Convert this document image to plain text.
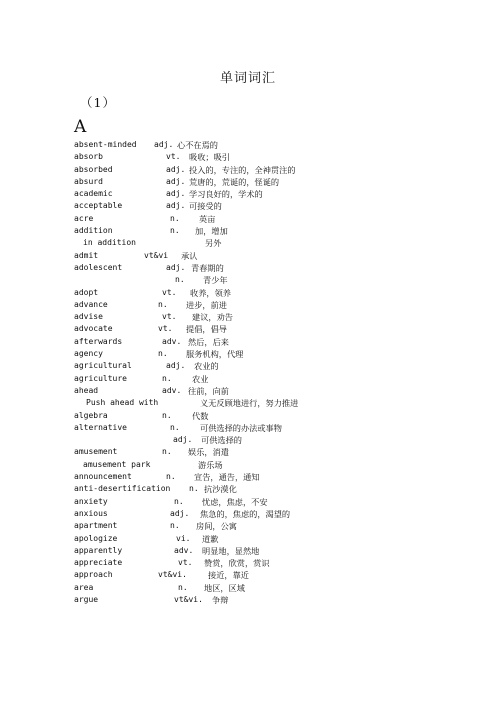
单词词汇
（1）
A
absent-minded adj. 心不在焉的
absorb	vt. 吸收；吸引
absorbed	adj. 投入的，专注的，全神贯注的
absurd	adj. 荒唐的，荒诞的，怪诞的
academic	adj. 学习良好的，学术的
acceptable	adj. 可接受的
acre	n. 英亩
addition	n. 加，增加
in addition	另外
admit	vt&vi 承认
adolescent	adj. 青春期的
n. 青少年
adopt	vt. 收养，领养
advance	n. 进步，前进
advise	vt. 建议，劝告
advocate	vt. 提倡，倡导
afterwards	adv. 然后，后来
agency	n. 服务机构，代理
agricultural	adj. 农业的
agriculture	n. 农业
ahead	adv. 往前，向前
Push ahead with	义无反顾地进行，努力推进
algebra	n. 代数
alternative	n. 可供选择的办法或事物
adj. 可供选择的
amusement	n. 娱乐，消遣
amusement park	游乐场
announcement	n. 宣告，通告，通知
anti-desertification n. 抗沙漠化
anxiety	n. 忧虑，焦虑，不安
anxious	adj. 焦急的，焦虑的，渴望的
apartment	n. 房间，公寓
apologize	vi. 道歉
apparently	adv. 明显地，显然地
appreciate	vt. 赞赏，欣赏，赏识
approach	vt&vi.	接近，靠近
area	n. 地区，区域
argue	vt&vi. 争辩
